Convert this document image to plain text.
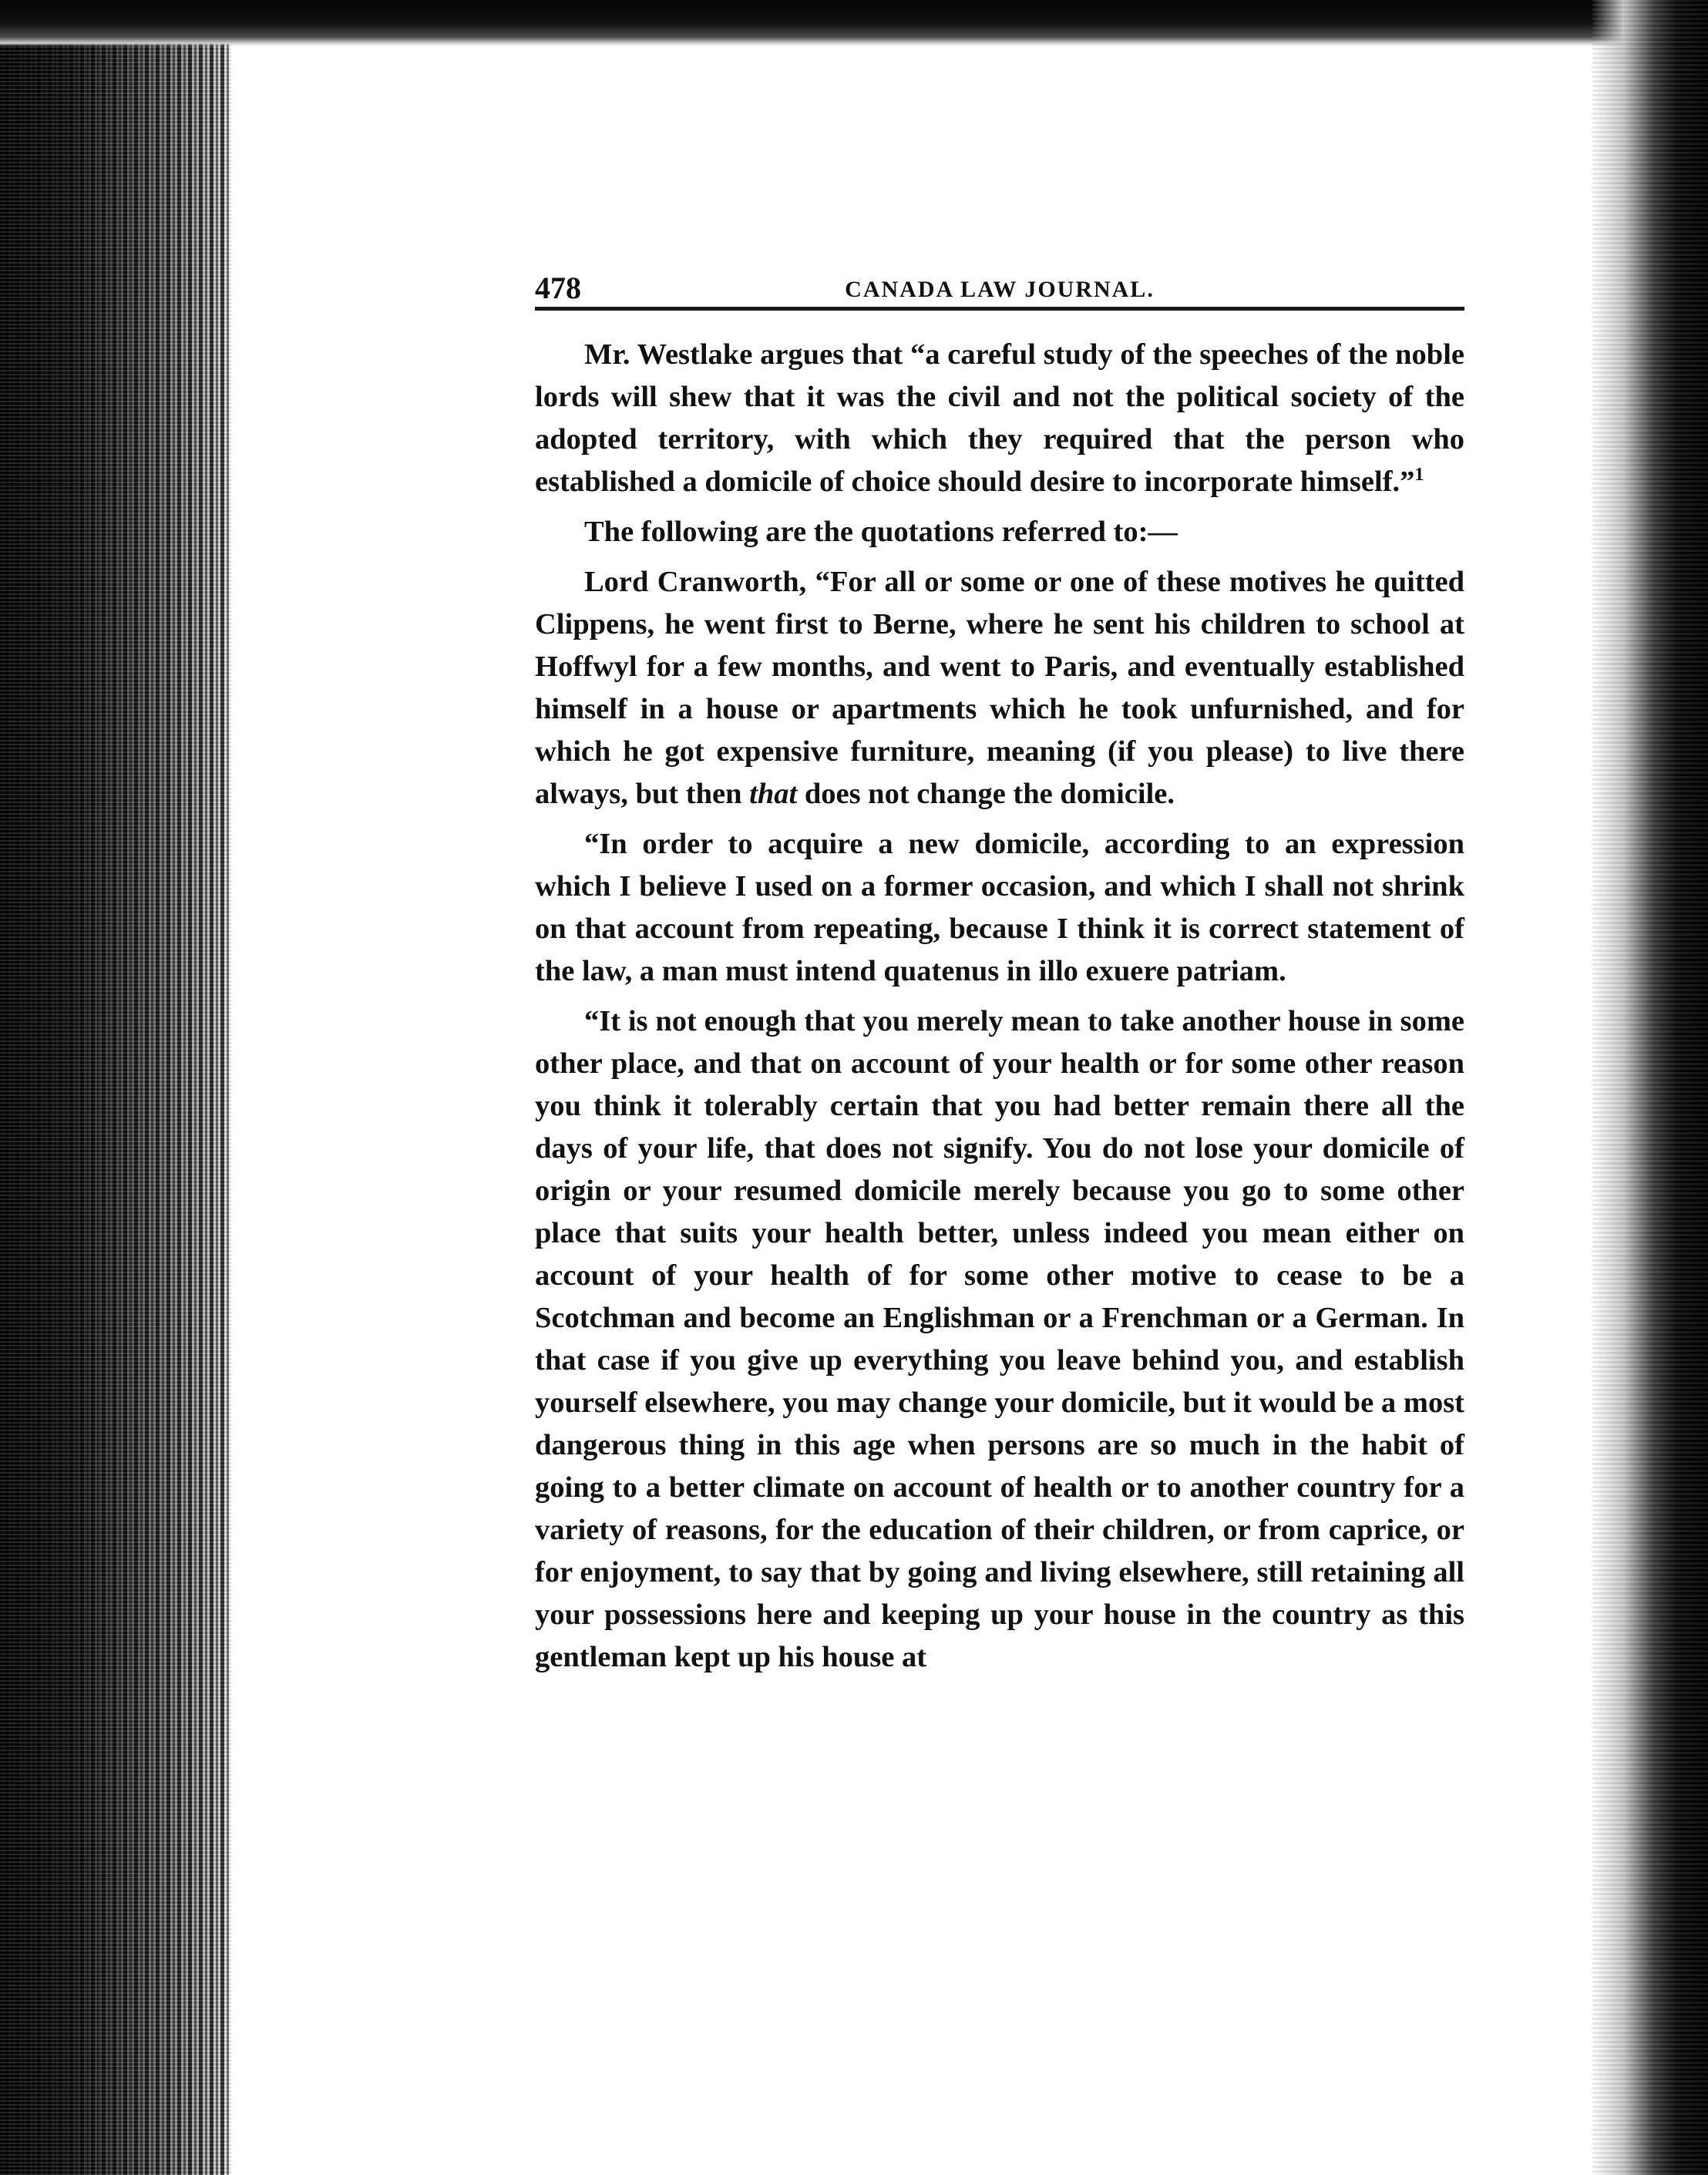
478	CANADA LAW JOURNAL.

Mr. Westlake argues that “a careful study of the speeches of the noble lords will shew that it was the civil and not the political society of the adopted territory, with which they required that the person who established a domicile of choice should desire to incorporate himself.”$^1$

The following are the quotations referred to:—

Lord Cranworth, “For all or some or one of these motives he quitted Clippens, he went first to Berne, where he sent his children to school at Hoffwyl for a few months, and went to Paris, and eventually established himself in a house or apartments which he took unfurnished, and for which he got expensive furniture, meaning (if you please) to live there always, but then that does not change the domicile.

“In order to acquire a new domicile, according to an expression which I believe I used on a former occasion, and which I shall not shrink on that account from repeating, because I think it is correct statement of the law, a man must intend quatenus in illo exuere patriam.

“It is not enough that you merely mean to take another house in some other place, and that on account of your health or for some other reason you think it tolerably certain that you had better remain there all the days of your life, that does not signify. You do not lose your domicile of origin or your resumed domicile merely because you go to some other place that suits your health better, unless indeed you mean either on account of your health of for some other motive to cease to be a Scotchman and become an Englishman or a Frenchman or a German. In that case if you give up everything you leave behind you, and establish yourself elsewhere, you may change your domicile, but it would be a most dangerous thing in this age when persons are so much in the habit of going to a better climate on account of health or to another country for a variety of reasons, for the education of their children, or from caprice, or for enjoyment, to say that by going and living elsewhere, still retaining all your possessions here and keeping up your house in the country as this gentleman kept up his house at
